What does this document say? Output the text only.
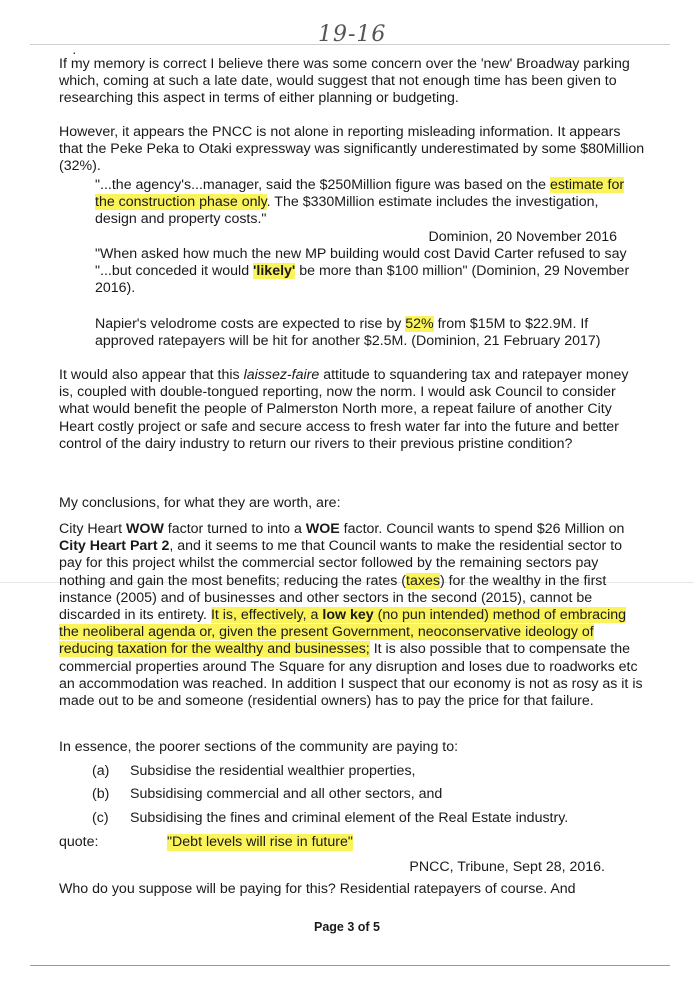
19-16
·

If my memory is correct I believe there was some concern over the 'new' Broadway parking which, coming at such a late date, would suggest that not enough time has been given to researching this aspect in terms of either planning or budgeting.

However, it appears the PNCC is not alone in reporting misleading information. It appears that the Peke Peka to Otaki expressway was significantly underestimated by some $80Million (32%).

"...the agency's...manager, said the $250Million figure was based on the estimate for the construction phase only. The $330Million estimate includes the investigation, design and property costs."

Dominion, 20 November 2016

"When asked how much the new MP building would cost David Carter refused to say "...but conceded it would 'likely' be more than $100 million" (Dominion, 29 November 2016).

Napier's velodrome costs are expected to rise by 52% from $15M to $22.9M. If approved ratepayers will be hit for another $2.5M. (Dominion, 21 February 2017)

It would also appear that this laissez-faire attitude to squandering tax and ratepayer money is, coupled with double-tongued reporting, now the norm. I would ask Council to consider what would benefit the people of Palmerston North more, a repeat failure of another City Heart costly project or safe and secure access to fresh water far into the future and better control of the dairy industry to return our rivers to their previous pristine condition?

My conclusions, for what they are worth, are:

City Heart WOW factor turned to into a WOE factor. Council wants to spend $26 Million on City Heart Part 2, and it seems to me that Council wants to make the residential sector to pay for this project whilst the commercial sector followed by the remaining sectors pay nothing and gain the most benefits; reducing the rates (taxes) for the wealthy in the first instance (2005) and of businesses and other sectors in the second (2015), cannot be discarded in its entirety. It is, effectively, a low key (no pun intended) method of embracing the neoliberal agenda or, given the present Government, neoconservative ideology of reducing taxation for the wealthy and businesses; It is also possible that to compensate the commercial properties around The Square for any disruption and loses due to roadworks etc an accommodation was reached. In addition I suspect that our economy is not as rosy as it is made out to be and someone (residential owners) has to pay the price for that failure.

In essence, the poorer sections of the community are paying to:

(a) Subsidise the residential wealthier properties,
(b) Subsidising commercial and all other sectors, and
(c) Subsidising the fines and criminal element of the Real Estate industry.
quote:	"Debt levels will rise in future"

PNCC, Tribune, Sept 28, 2016.

Who do you suppose will be paying for this? Residential ratepayers of course. And

Page 3 of 5
